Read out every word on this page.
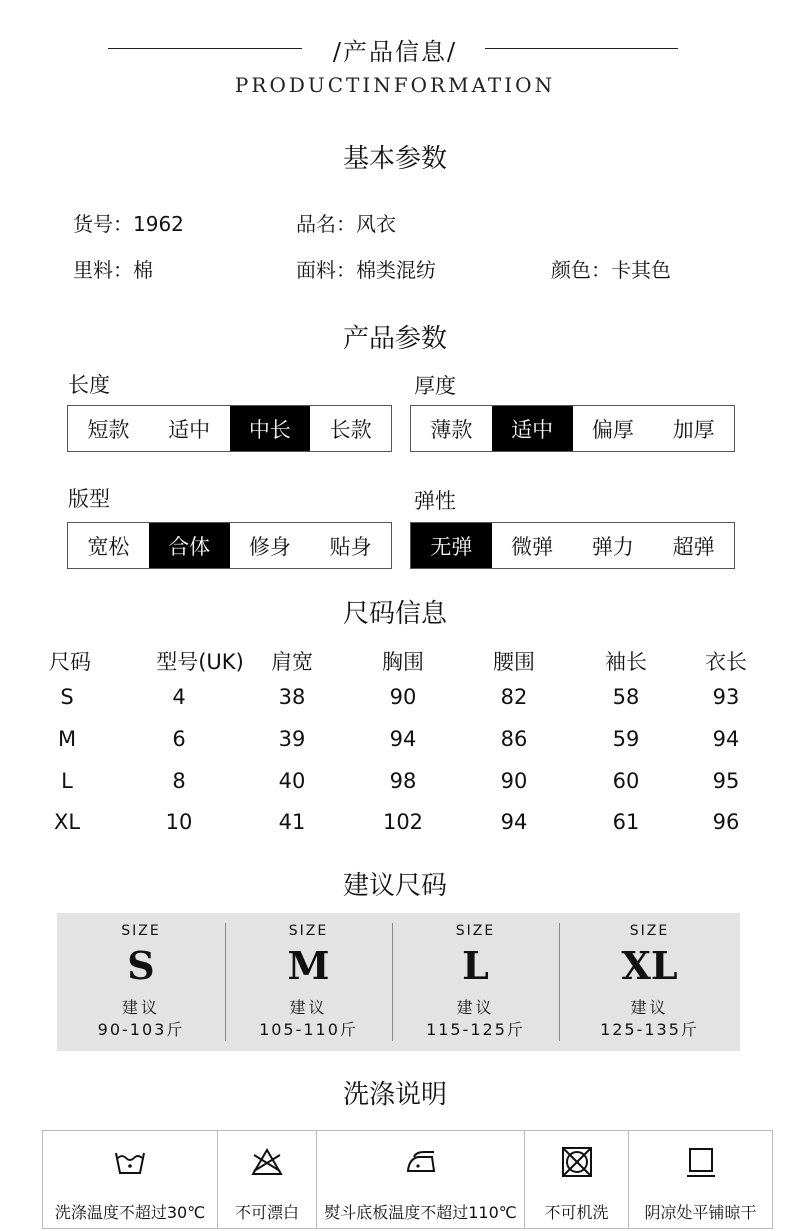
/产品信息/
PRODUCTINFORMATION
基本参数
货号：1962	品名：风衣
里料：棉	面料：棉类混纺	颜色：卡其色
产品参数
长度
短款	适中	中长	长款
厚度
薄款	适中	偏厚	加厚
版型
宽松	合体	修身	贴身
弹性
无弹	微弹	弹力	超弹
尺码信息
尺码	型号(UK) 肩宽	胸围	腰围	袖长	衣长
S	4	38	90	82	58	93
M	6	39	94	86	59	94
L	8	40	98	90	60	95
XL	10	41	102	94	61	96
建议尺码
SIZE
S
建议
90-103斤
SIZE
M
建议
105-110斤
SIZE
L
建议
115-125斤
SIZE
XL
建议
125-135斤
洗涤说明
洗涤温度不超过30℃	不可漂白	熨斗底板温度不超过110℃	不可机洗	阴凉处平铺晾干
